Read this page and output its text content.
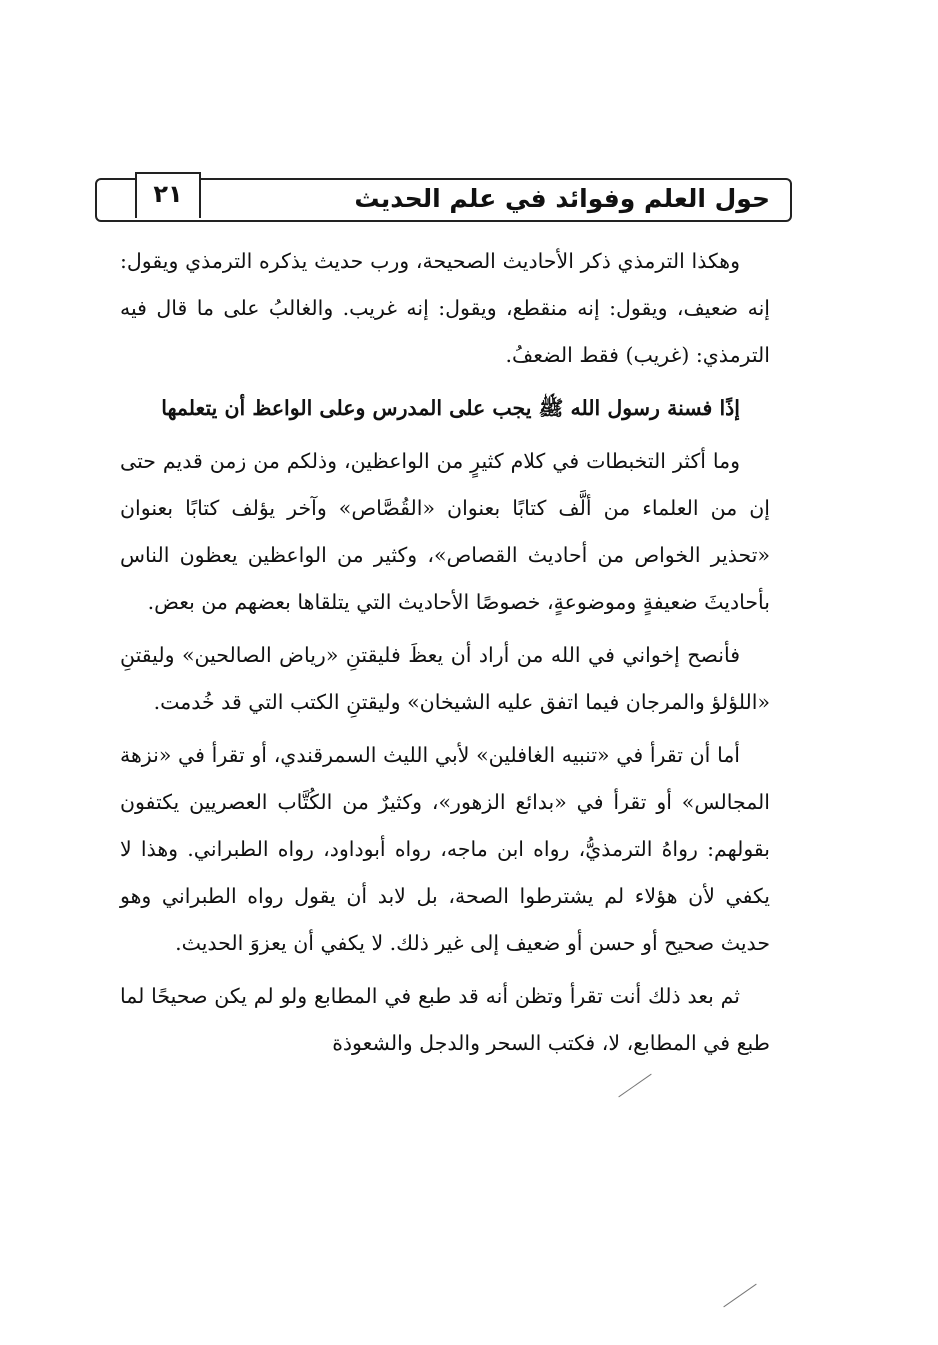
حول العلم وفوائد في علم الحديث
٢١

وهكذا الترمذي ذكر الأحاديث الصحيحة، ورب حديث يذكره الترمذي ويقول: إنه ضعيف، ويقول: إنه منقطع، ويقول: إنه غريب. والغالبُ على ما قال فيه الترمذي: (غريب) فقط الضعفُ.

إذًا فسنة رسول الله ﷺ يجب على المدرس وعلى الواعظ أن يتعلمها

وما أكثر التخبطات في كلام كثيرٍ من الواعظين، وذلكم من زمن قديم حتى إن من العلماء من ألَّف كتابًا بعنوان «القُصَّاص» وآخر يؤلف كتابًا بعنوان «تحذير الخواص من أحاديث القصاص»، وكثير من الواعظين يعظون الناس بأحاديثَ ضعيفةٍ وموضوعةٍ، خصوصًا الأحاديث التي يتلقاها بعضهم من بعض.

فأنصح إخواني في الله من أراد أن يعظَ فليقتنِ «رياض الصالحين» وليقتنِ «اللؤلؤ والمرجان فيما اتفق عليه الشيخان» وليقتنِ الكتب التي قد خُدمت.

أما أن تقرأ في «تنبيه الغافلين» لأبي الليث السمرقندي، أو تقرأ في «نزهة المجالس» أو تقرأ في «بدائع الزهور»، وكثيرٌ من الكُتَّاب العصريين يكتفون بقولهم: رواهُ الترمذيُّ، رواه ابن ماجه، رواه أبوداود، رواه الطبراني. وهذا لا يكفي لأن هؤلاء لم يشترطوا الصحة، بل لابد أن يقول رواه الطبراني وهو حديث صحيح أو حسن أو ضعيف إلى غير ذلك. لا يكفي أن يعزوَ الحديث.

ثم بعد ذلك أنت تقرأ وتظن أنه قد طبع في المطابع ولو لم يكن صحيحًا لما طبع في المطابع، لا، فكتب السحر والدجل والشعوذة
